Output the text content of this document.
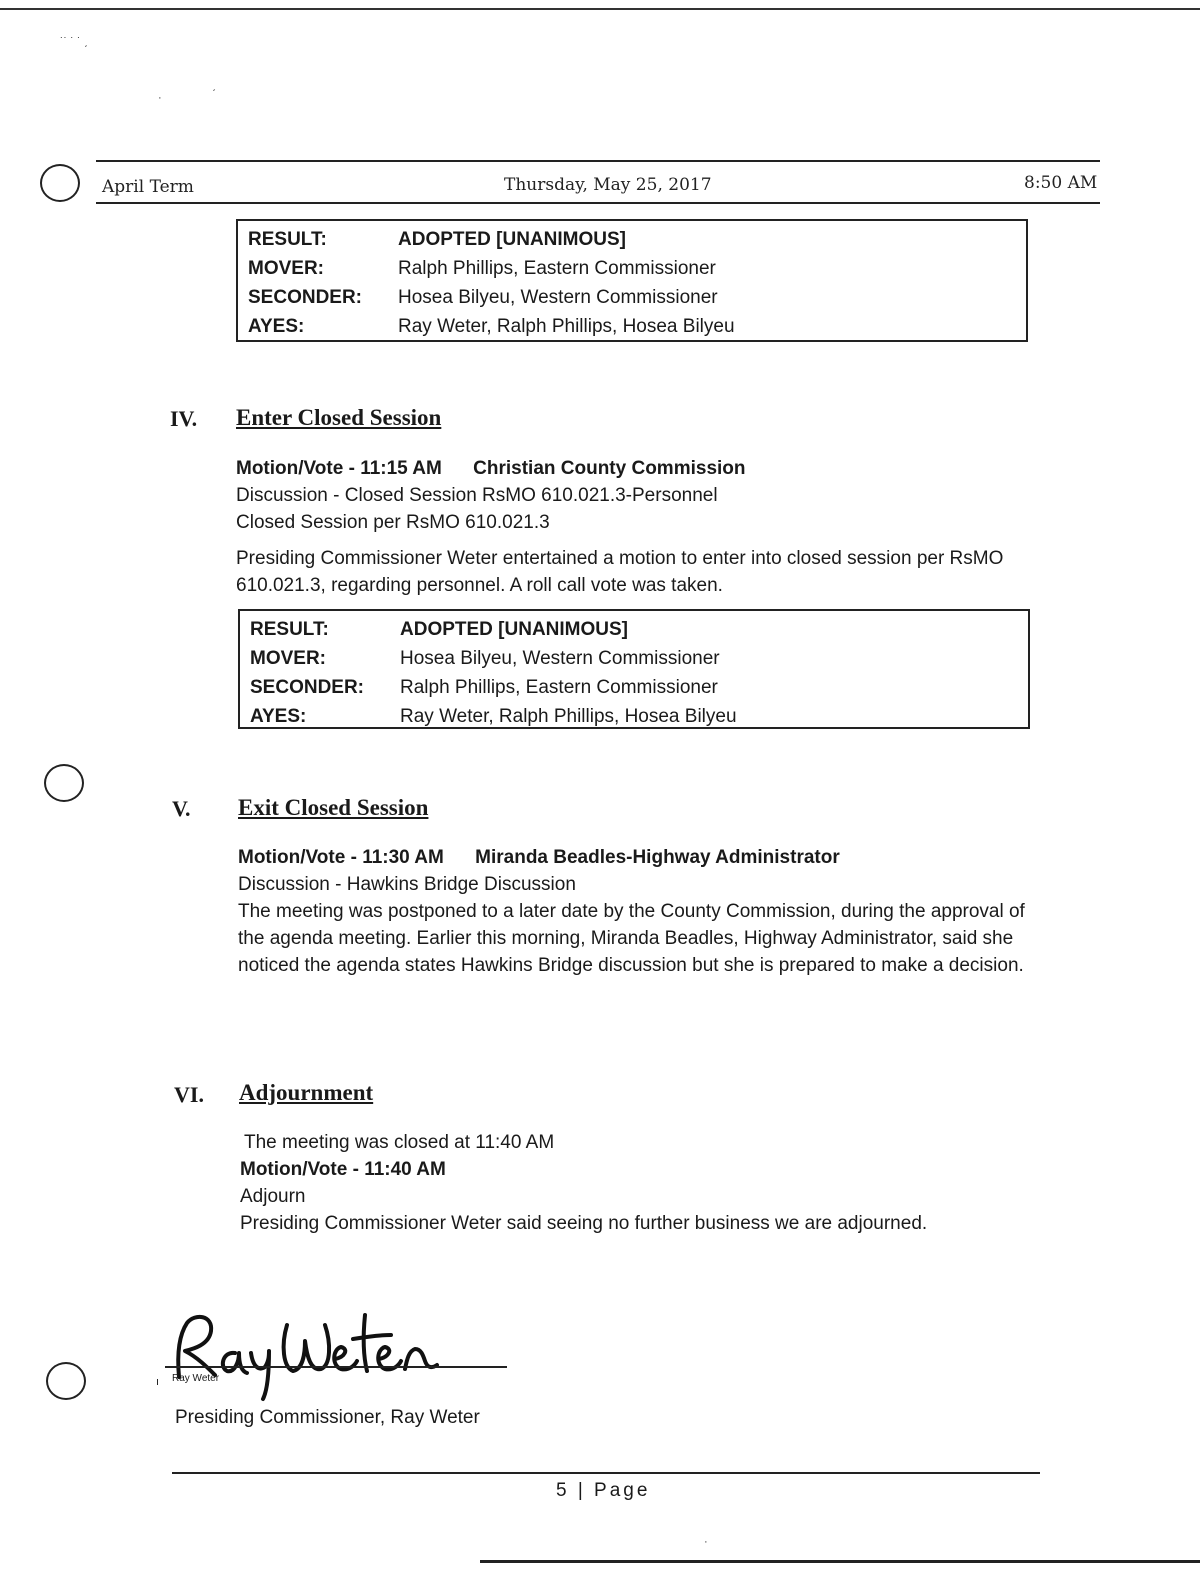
˙˙ ˙ ˙ ˏ
ˏ
·
April Term	Thursday, May 25, 2017	8:50 AM
RESULT:	ADOPTED [UNANIMOUS]
MOVER:	Ralph Phillips, Eastern Commissioner
SECONDER:	Hosea Bilyeu, Western Commissioner
AYES:	Ray Weter, Ralph Phillips, Hosea Bilyeu
IV. Enter Closed Session
Motion/Vote - 11:15 AM Christian County Commission
Discussion - Closed Session RsMO 610.021.3-Personnel
Closed Session per RsMO 610.021.3
Presiding Commissioner Weter entertained a motion to enter into closed session per RsMO 610.021.3, regarding personnel. A roll call vote was taken.
RESULT:	ADOPTED [UNANIMOUS]
MOVER:	Hosea Bilyeu, Western Commissioner
SECONDER:	Ralph Phillips, Eastern Commissioner
AYES:	Ray Weter, Ralph Phillips, Hosea Bilyeu
V. Exit Closed Session
Motion/Vote - 11:30 AM Miranda Beadles-Highway Administrator
Discussion - Hawkins Bridge Discussion
The meeting was postponed to a later date by the County Commission, during the approval of the agenda meeting. Earlier this morning, Miranda Beadles, Highway Administrator, said she noticed the agenda states Hawkins Bridge discussion but she is prepared to make a decision.
VI. Adjournment
The meeting was closed at 11:40 AM
Motion/Vote - 11:40 AM
Adjourn
Presiding Commissioner Weter said seeing no further business we are adjourned.
Ray Weter
ı
Presiding Commissioner, Ray Weter
5 | Page
·
